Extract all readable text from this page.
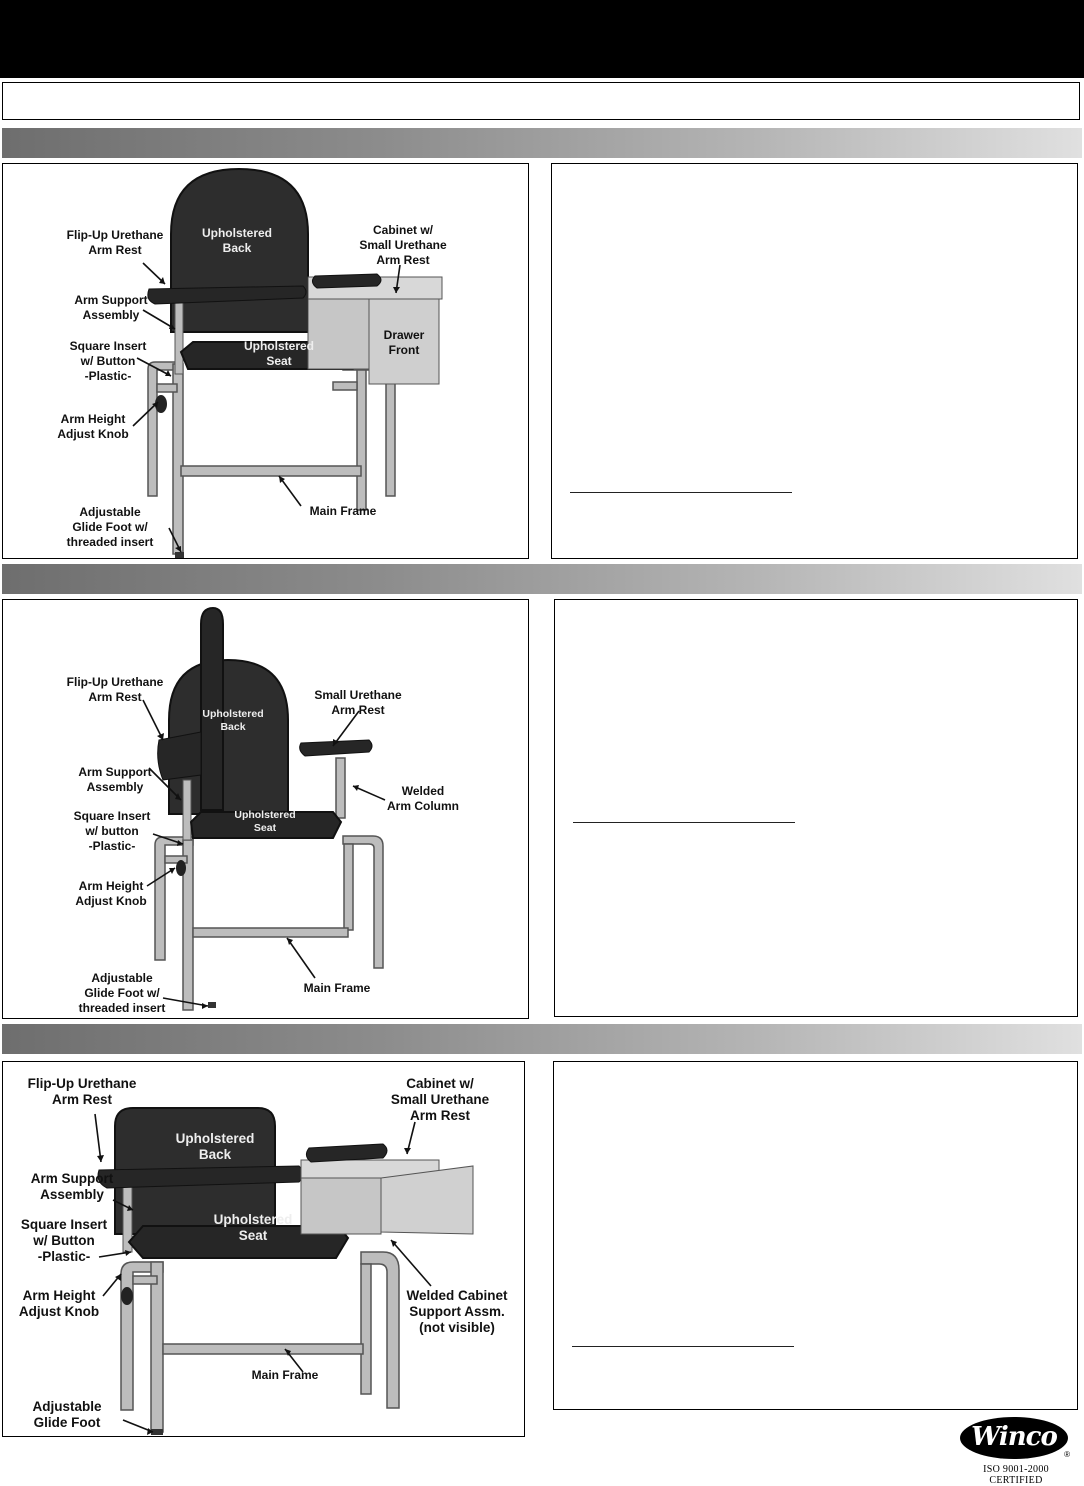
Flip-Up Urethane
Arm Rest
Upholstered
Back
Cabinet w/
Small Urethane
Arm Rest
Arm Support
Assembly
Square Insert
w/ Button
-Plastic-
Upholstered
Seat
Drawer
Front
Arm Height
Adjust Knob
Main Frame
Adjustable
Glide Foot w/
threaded insert
Flip-Up Urethane
Arm Rest
Upholstered
Back
Small Urethane
Arm Rest
Arm Support
Assembly	Welded
Arm Column
Square Insert
w/ button
-Plastic-
Upholstered
Seat
Arm Height
Adjust Knob
Adjustable
Glide Foot w/
threaded insert
Main Frame
Flip-Up Urethane
Arm Rest
Cabinet w/
Small Urethane
Arm Rest
Upholstered
Back
Arm Support
Assembly
Upholstered
Seat
Square Insert
w/ Button
-Plastic-
Arm Height
Adjust Knob
Welded Cabinet
Support Assm.
(not visible)
Main Frame
Adjustable
Glide Foot	Winco
®
ISO 9001-2000 CERTIFIED
